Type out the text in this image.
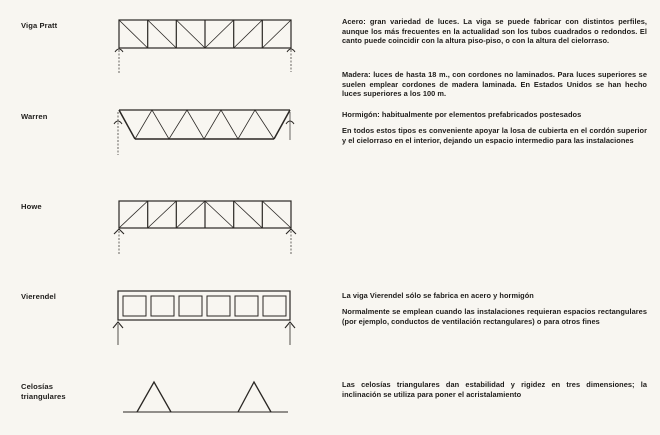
Viga Pratt
Warren
Howe
Vierendel
Celosías
triangulares
Acero: gran variedad de luces. La viga se puede fabricar con distintos perfiles, aunque los más frecuentes en la actualidad son los tubos cuadrados o redondos. El canto puede coincidir con la altura piso-piso, o con la altura del cielorraso.
Madera: luces de hasta 18 m., con cordones no laminados. Para luces superiores se suelen emplear cordones de madera laminada. En Estados Unidos se han hecho luces superiores a los 100 m.
Hormigón: habitualmente por elementos prefabricados postesados
En todos estos tipos es conveniente apoyar la losa de cubierta en el cordón superior y el cielorraso en el interior, dejando un espacio intermedio para las instalaciones
La viga Vierendel sólo se fabrica en acero y hormigón
Normalmente se emplean cuando las instalaciones requieran espacios rectangulares (por ejemplo, conductos de ventilación rectangulares) o para otros fines
Las celosías triangulares dan estabilidad y rigidez en tres dimensiones; la inclinación se utiliza para poner el acristalamiento
